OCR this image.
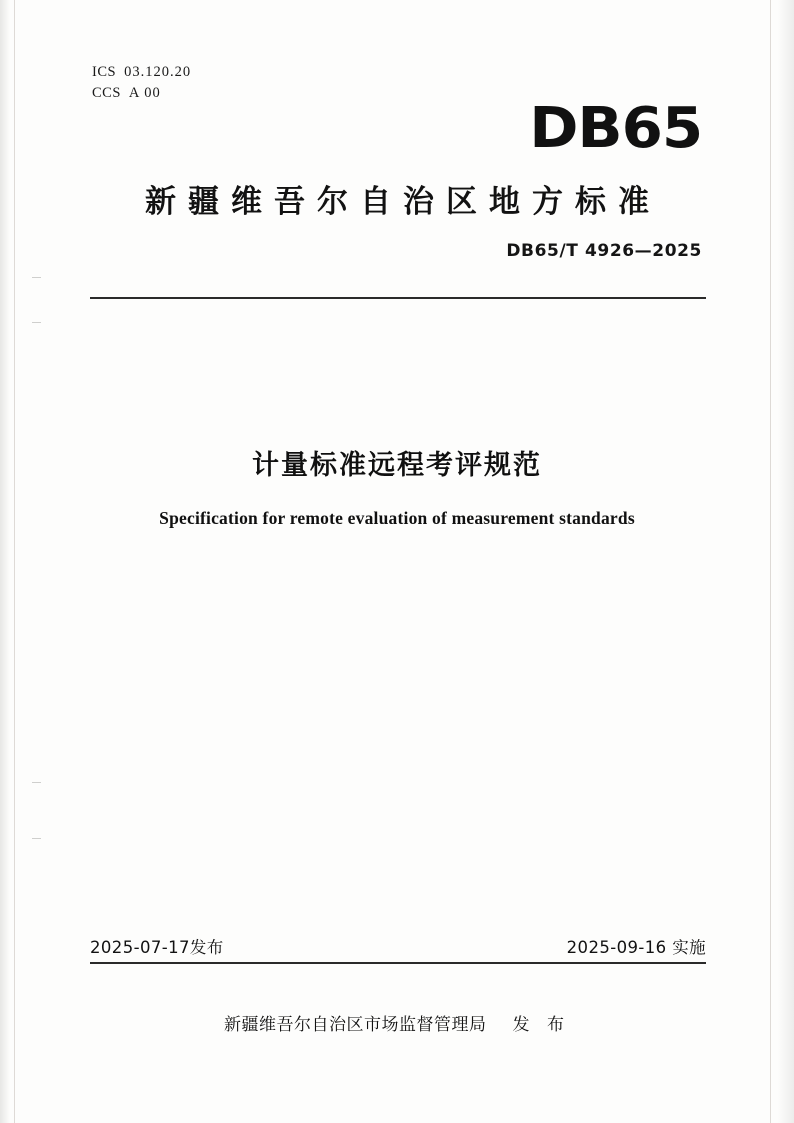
ICS 03.120.20
CCS A 00
DB65
新疆维吾尔自治区地方标准
DB65/T 4926—2025
计量标准远程考评规范
Specification for remote evaluation of measurement standards
2025-07-17发布	2025-09-16 实施
新疆维吾尔自治区市场监督管理局 发 布
